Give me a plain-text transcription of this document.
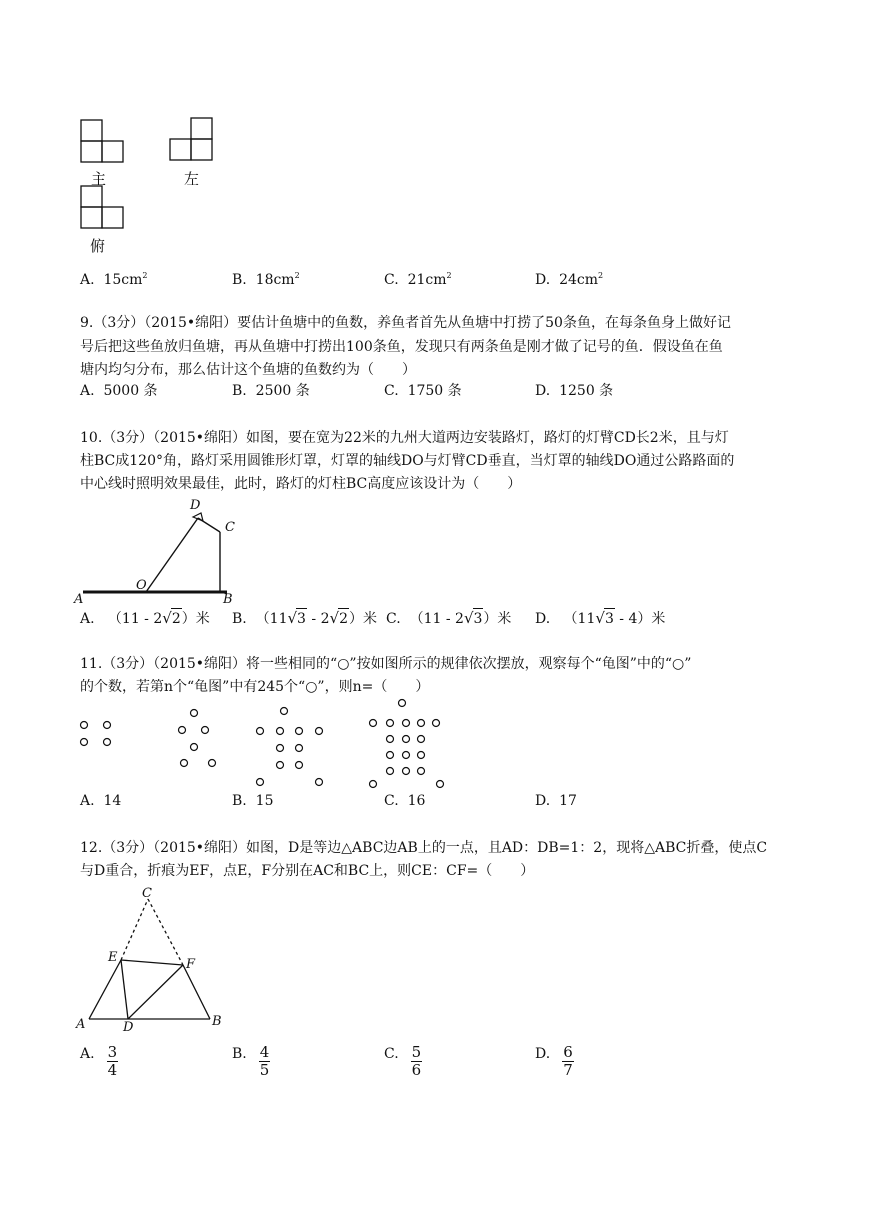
主	左
俯
A. $15cm^2$	B. $18cm^2$	C. $21cm^2$	D. $24cm^2$
9.（3分）（2015•绵阳）要估计鱼塘中的鱼数，养鱼者首先从鱼塘中打捞了50条鱼，在每条鱼身上做好记
号后把这些鱼放归鱼塘，再从鱼塘中打捞出100条鱼，发现只有两条鱼是刚才做了记号的鱼．假设鱼在鱼
塘内均匀分布，那么估计这个鱼塘的鱼数约为（　　）
A. 5000 条	B. 2500 条	C. 1750 条	D. 1250 条
10.（3分）（2015•绵阳）如图，要在宽为22米的九州大道两边安装路灯，路灯的灯臂CD长2米，且与灯
柱BC成120°角，路灯采用圆锥形灯罩，灯罩的轴线DO与灯臂CD垂直，当灯罩的轴线DO通过公路路面的
中心线时照明效果最佳，此时，路灯的灯柱BC高度应该设计为（　　）
A	B
C
D
O
A. （11 - 2√2）米 B. （11√3 - 2√2）米 C. （11 - 2√3）米 D. （11√3 - 4）米
11.（3分）（2015•绵阳）将一些相同的“○”按如图所示的规律依次摆放，观察每个“龟图”中的“○”
的个数，若第n个“龟图”中有245个“○”，则n=（　　）
A. 14	B. 15	C. 16	D. 17
12.（3分）（2015•绵阳）如图，D是等边△ABC边AB上的一点，且AD：DB=1：2，现将△ABC折叠，使点C
与D重合，折痕为EF，点E，F分别在AC和BC上，则CE：CF=（　　）
C
E	F
A	D	B
A. $\frac{3}{4}$	B. $\frac{4}{5}$	C. $\frac{5}{6}$	D. $\frac{6}{7}$
